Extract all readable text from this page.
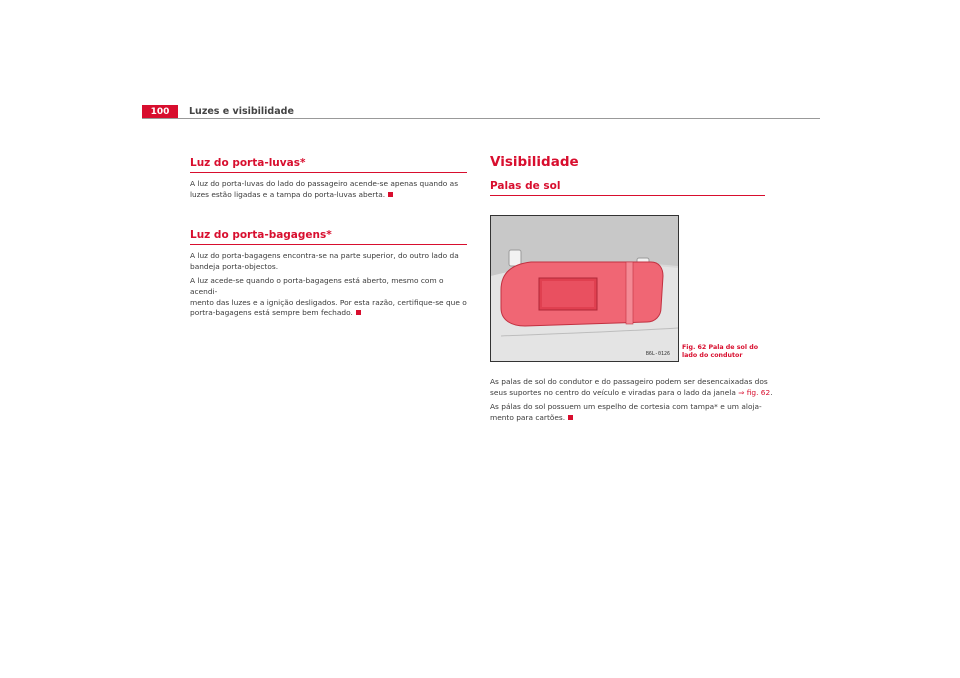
100	Luzes e visibilidade
Luz do porta-luvas*

A luz do porta-luvas do lado do passageiro acende-se apenas quando as
luzes estão ligadas e a tampa do porta-luvas aberta.

Luz do porta-bagagens*

A luz do porta-bagagens encontra-se na parte superior, do outro lado da
bandeja porta-objectos.

A luz acede-se quando o porta-bagagens está aberto, mesmo com o acendi-
mento das luzes e a ignição desligados. Por esta razão, certifique-se que o
portra-bagagens está sempre bem fechado.

Visibilidade
Palas de sol
B6L-0126
Fig. 62 Pala de sol do
lado do condutor

As palas de sol do condutor e do passageiro podem ser desencaixadas dos
seus suportes no centro do veículo e viradas para o lado da janela ⇒ fig. 62.

As pálas do sol possuem um espelho de cortesia com tampa* e um aloja-
mento para cartões.
